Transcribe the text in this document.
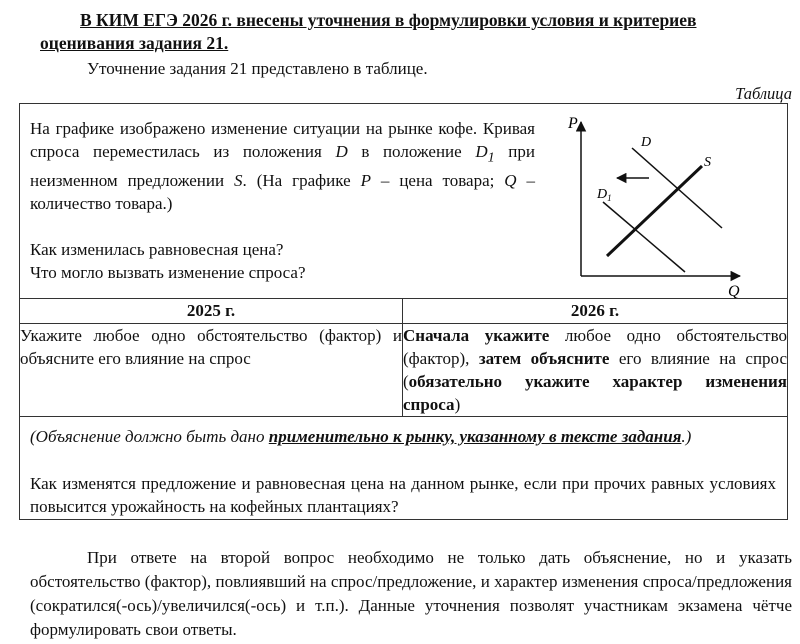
В КИМ ЕГЭ 2026 г. внесены уточнения в формулировки условия и критериев оценивания задания 21.
Уточнение задания 21 представлено в таблице.
Таблица
На графике изображено изменение ситуации на рынке кофе. Кривая спроса переместилась из положения D в положение $D_1$ при неизменном предложении S. (На графике P – цена товара; Q – количество товара.)
Как изменилась равновесная цена?
Что могло вызвать изменение спроса?
P
Q
D
S
$D_1$
2025 г.	2026 г.
Укажите любое одно обстоятельство (фактор) и объясните его влияние на спрос	Сначала укажите любое одно обстоятельство (фактор), затем объясните его влияние на спрос (обязательно укажите характер изменения спроса)
(Объяснение должно быть дано применительно к рынку, указанному в тексте задания.)
Как изменятся предложение и равновесная цена на данном рынке, если при прочих равных условиях повысится урожайность на кофейных плантациях?
При ответе на второй вопрос необходимо не только дать объяснение, но и указать обстоятельство (фактор), повлиявший на спрос/предложение, и характер изменения спроса/предложения (сократился(-ось)/увеличился(-ось) и т.п.). Данные уточнения позволят участникам экзамена чётче формулировать свои ответы.
